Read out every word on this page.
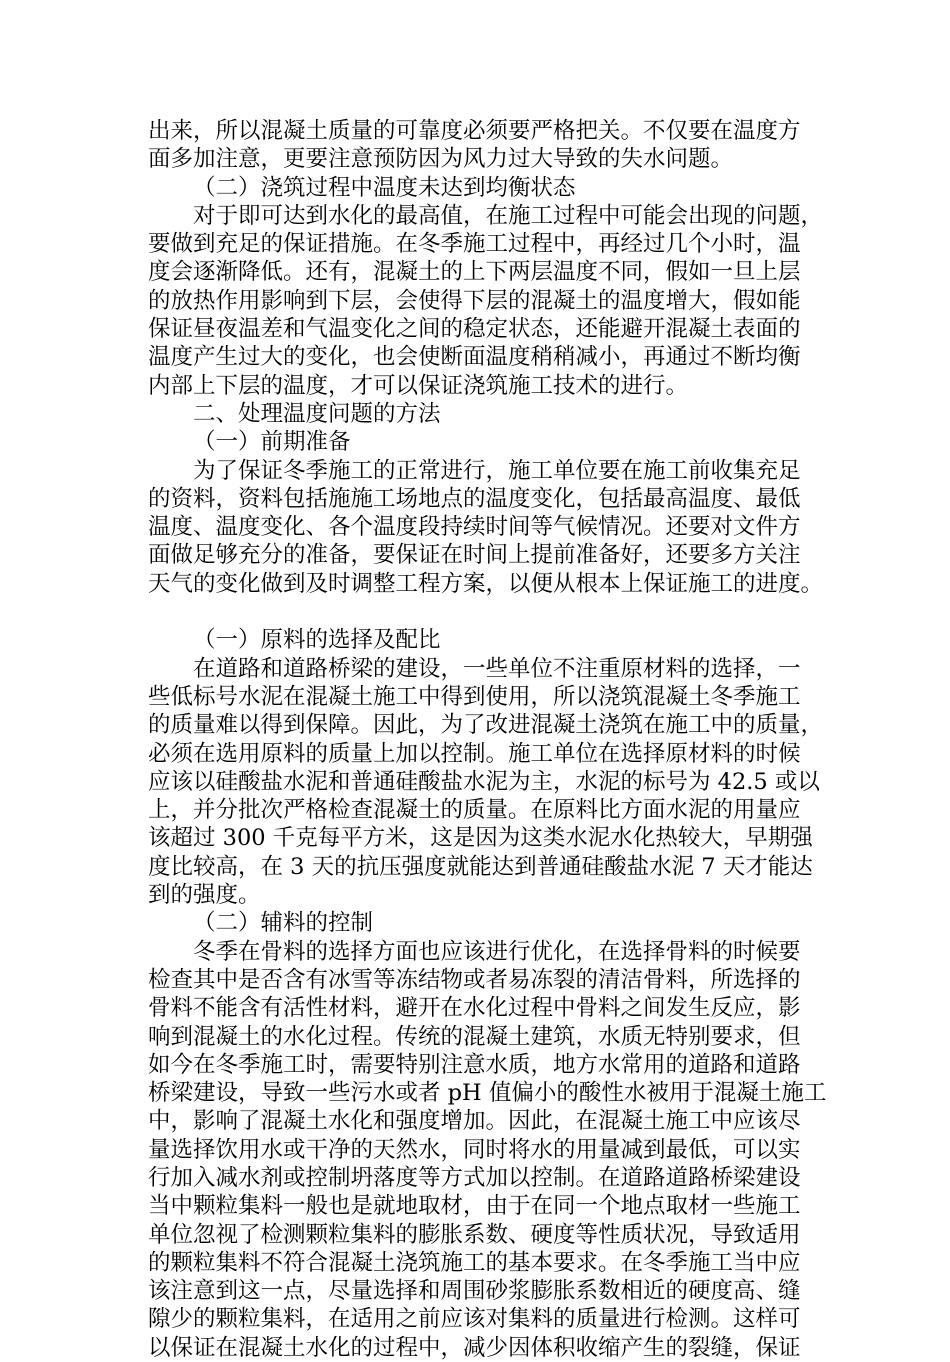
出来，所以混凝土质量的可靠度必须要严格把关。不仅要在温度方
面多加注意，更要注意预防因为风力过大导致的失水问题。
（二）浇筑过程中温度未达到均衡状态
对于即可达到水化的最高值，在施工过程中可能会出现的问题，
要做到充足的保证措施。在冬季施工过程中，再经过几个小时，温
度会逐渐降低。还有，混凝土的上下两层温度不同，假如一旦上层
的放热作用影响到下层，会使得下层的混凝土的温度增大，假如能
保证昼夜温差和气温变化之间的稳定状态，还能避开混凝土表面的
温度产生过大的变化，也会使断面温度稍稍减小，再通过不断均衡
内部上下层的温度，才可以保证浇筑施工技术的进行。
二、处理温度问题的方法
（一）前期准备
为了保证冬季施工的正常进行，施工单位要在施工前收集充足
的资料，资料包括施施工场地点的温度变化，包括最高温度、最低
温度、温度变化、各个温度段持续时间等气候情况。还要对文件方
面做足够充分的准备，要保证在时间上提前准备好，还要多方关注
天气的变化做到及时调整工程方案，以便从根本上保证施工的进度。
（一）原料的选择及配比
在道路和道路桥梁的建设，一些单位不注重原材料的选择，一
些低标号水泥在混凝土施工中得到使用，所以浇筑混凝土冬季施工
的质量难以得到保障。因此，为了改进混凝土浇筑在施工中的质量，
必须在选用原料的质量上加以控制。施工单位在选择原材料的时候
应该以硅酸盐水泥和普通硅酸盐水泥为主，水泥的标号为 42.5 或以
上，并分批次严格检查混凝土的质量。在原料比方面水泥的用量应
该超过 300 千克每平方米，这是因为这类水泥水化热较大，早期强
度比较高，在 3 天的抗压强度就能达到普通硅酸盐水泥 7 天才能达
到的强度。
（二）辅料的控制
冬季在骨料的选择方面也应该进行优化，在选择骨料的时候要
检查其中是否含有冰雪等冻结物或者易冻裂的清洁骨料，所选择的
骨料不能含有活性材料，避开在水化过程中骨料之间发生反应，影
响到混凝土的水化过程。传统的混凝土建筑，水质无特别要求，但
如今在冬季施工时，需要特别注意水质，地方水常用的道路和道路
桥梁建设，导致一些污水或者 pH 值偏小的酸性水被用于混凝土施工
中，影响了混凝土水化和强度增加。因此，在混凝土施工中应该尽
量选择饮用水或干净的天然水，同时将水的用量减到最低，可以实
行加入减水剂或控制坍落度等方式加以控制。在道路道路桥梁建设
当中颗粒集料一般也是就地取材，由于在同一个地点取材一些施工
单位忽视了检测颗粒集料的膨胀系数、硬度等性质状况，导致适用
的颗粒集料不符合混凝土浇筑施工的基本要求。在冬季施工当中应
该注意到这一点，尽量选择和周围砂浆膨胀系数相近的硬度高、缝
隙少的颗粒集料，在适用之前应该对集料的质量进行检测。这样可
以保证在混凝土水化的过程中，减少因体积收缩产生的裂缝，保证
